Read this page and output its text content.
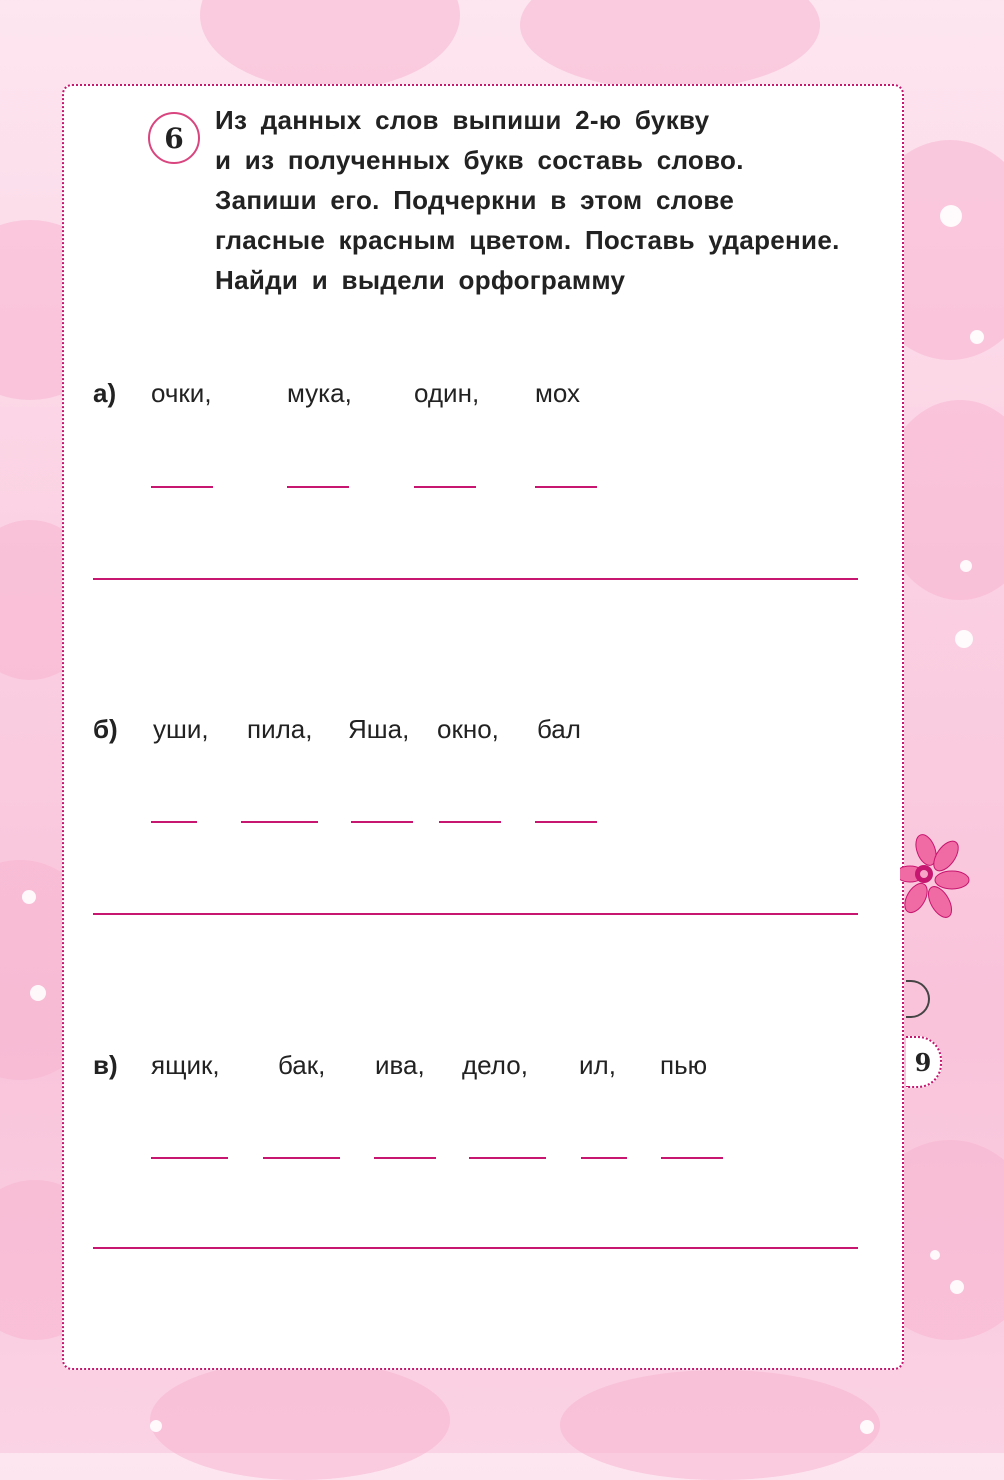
6
Из данных слов выпиши 2-ю букву
и из полученных букв составь слово.
Запиши его. Подчеркни в этом слове
гласные красным цветом. Поставь ударение.
Найди и выдели орфограмму
а) очки,	мука, один, мох
б) уши, пила, Яша, окно, бал
в) ящик, бак, ива, дело, ил, пью	9
